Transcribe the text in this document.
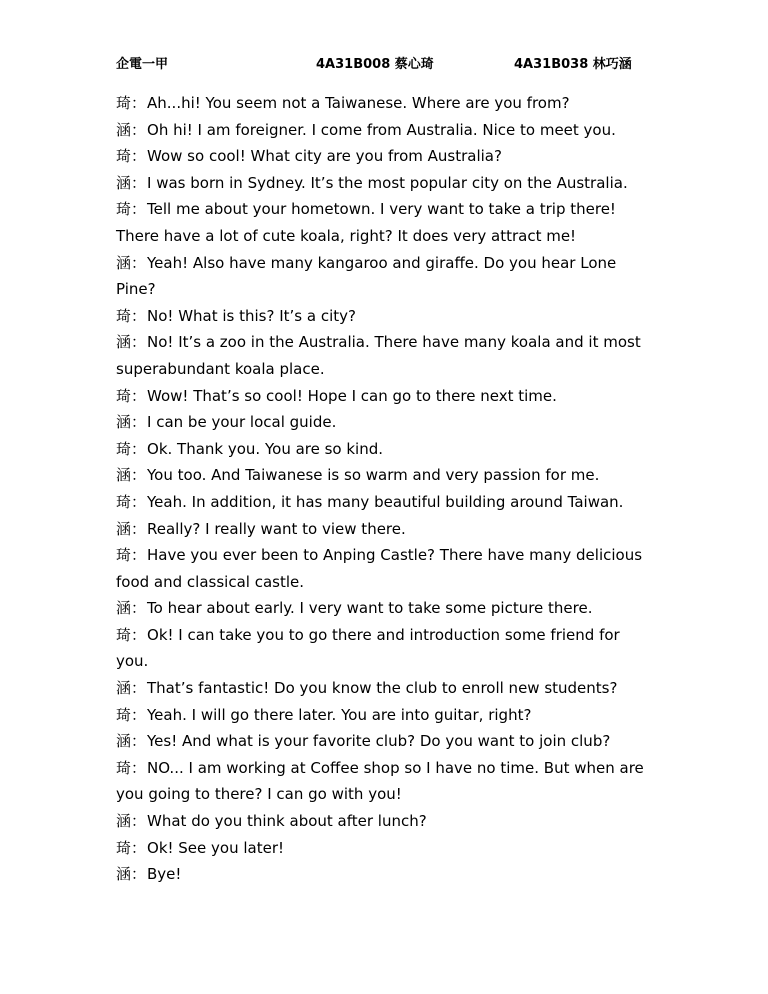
企電一甲	4A31B008 蔡心琦	4A31B038 林巧涵

琦：Ah...hi! You seem not a Taiwanese. Where are you from?

涵：Oh hi! I am foreigner. I come from Australia. Nice to meet you.

琦：Wow so cool! What city are you from Australia?

涵：I was born in Sydney. It’s the most popular city on the Australia.

琦：Tell me about your hometown. I very want to take a trip there! There have a lot of cute koala, right? It does very attract me!

涵：Yeah! Also have many kangaroo and giraffe. Do you hear Lone Pine?

琦：No! What is this? It’s a city?

涵：No! It’s a zoo in the Australia. There have many koala and it most superabundant koala place.

琦：Wow! That’s so cool! Hope I can go to there next time.

涵：I can be your local guide.

琦：Ok. Thank you. You are so kind.

涵：You too. And Taiwanese is so warm and very passion for me.

琦：Yeah. In addition, it has many beautiful building around Taiwan.

涵：Really? I really want to view there.

琦：Have you ever been to Anping Castle? There have many delicious food and classical castle.

涵：To hear about early. I very want to take some picture there.

琦：Ok! I can take you to go there and introduction some friend for you.

涵：That’s fantastic! Do you know the club to enroll new students?

琦：Yeah. I will go there later. You are into guitar, right?

涵：Yes! And what is your favorite club? Do you want to join club?

琦：NO... I am working at Coffee shop so I have no time. But when are you going to there? I can go with you!

涵：What do you think about after lunch?

琦：Ok! See you later!

涵：Bye!
